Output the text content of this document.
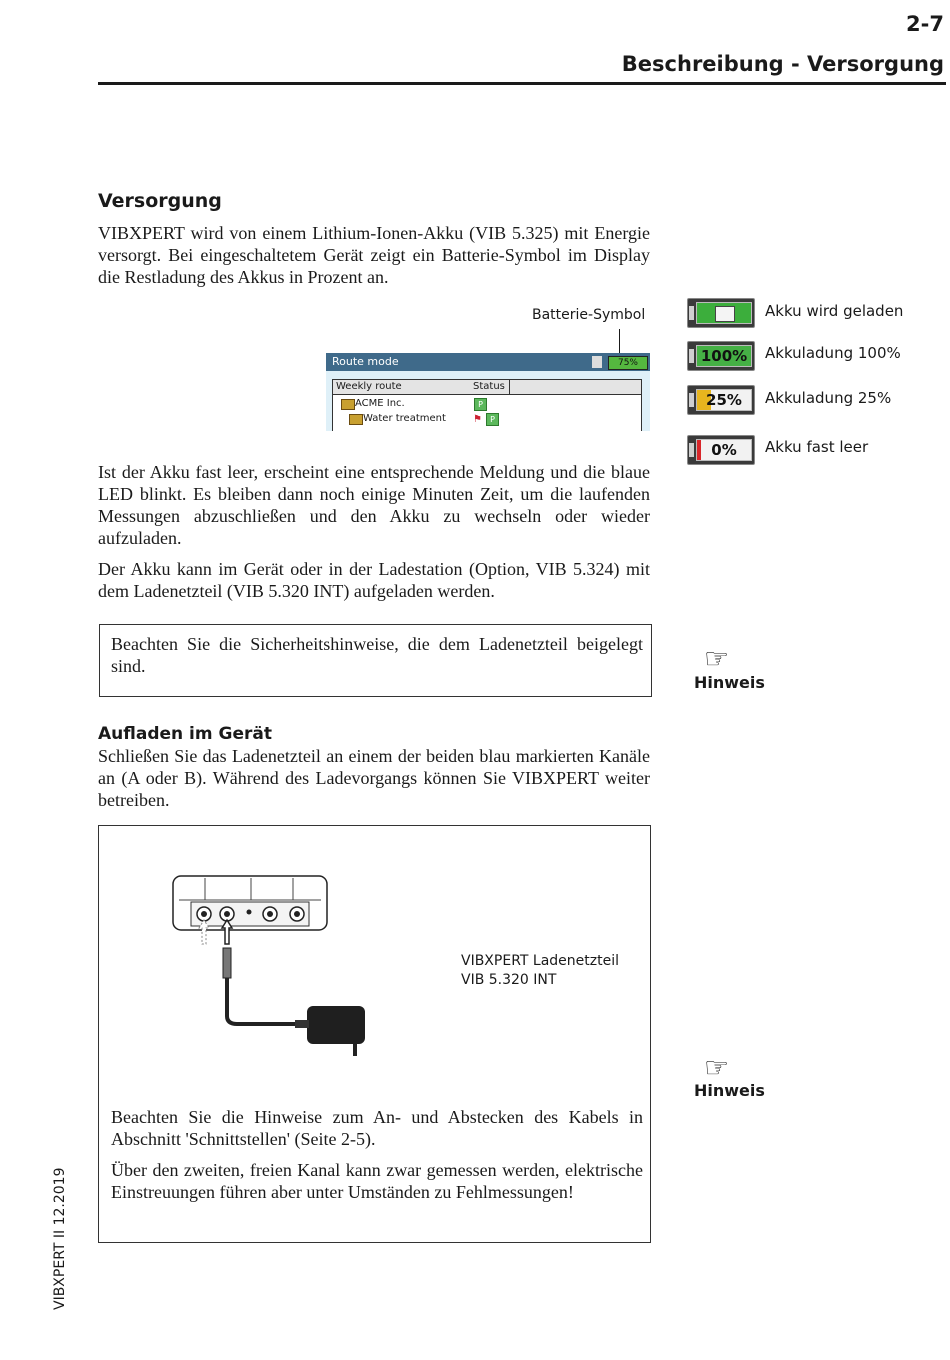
2-7
Beschreibung - Versorgung
Versorgung
VIBXPERT wird von einem Lithium-Ionen-Akku (VIB 5.325) mit Energie versorgt. Bei eingeschaltetem Gerät zeigt ein Batterie-Symbol im Display die Restladung des Akkus in Prozent an.
Batterie-Symbol
Route mode	75%
Weekly route	Status
ACME Inc.	P
Water treatment	⚑	P
Akku wird geladen
100% Akkuladung 100%
25%	Akkuladung 25%
0%	Akku fast leer
Ist der Akku fast leer, erscheint eine entsprechende Meldung und die blaue LED blinkt. Es bleiben dann noch einige Minuten Zeit, um die laufenden Messungen abzuschließen und den Akku zu wechseln oder wieder aufzuladen.
Der Akku kann im Gerät oder in der Ladestation (Option, VIB 5.324) mit dem Ladenetzteil (VIB 5.320 INT) aufgeladen werden.
Beachten Sie die Sicherheitshinweise, die dem Ladenetzteil beigelegt sind.	☞
Hinweis
Aufladen im Gerät
Schließen Sie das Ladenetzteil an einem der beiden blau markierten Kanäle an (A oder B). Während des Ladevorgangs können Sie VIBXPERT weiter betreiben.
VIBXPERT Ladenetzteil
VIB 5.320 INT
Beachten Sie die Hinweise zum An- und Abstecken des Kabels in Abschnitt 'Schnittstellen' (Seite 2-5).
Über den zweiten, freien Kanal kann zwar gemessen werden, elektrische Einstreuungen führen aber unter Umständen zu Fehlmessungen!
☞
Hinweis
VIBXPERT II 12.2019
